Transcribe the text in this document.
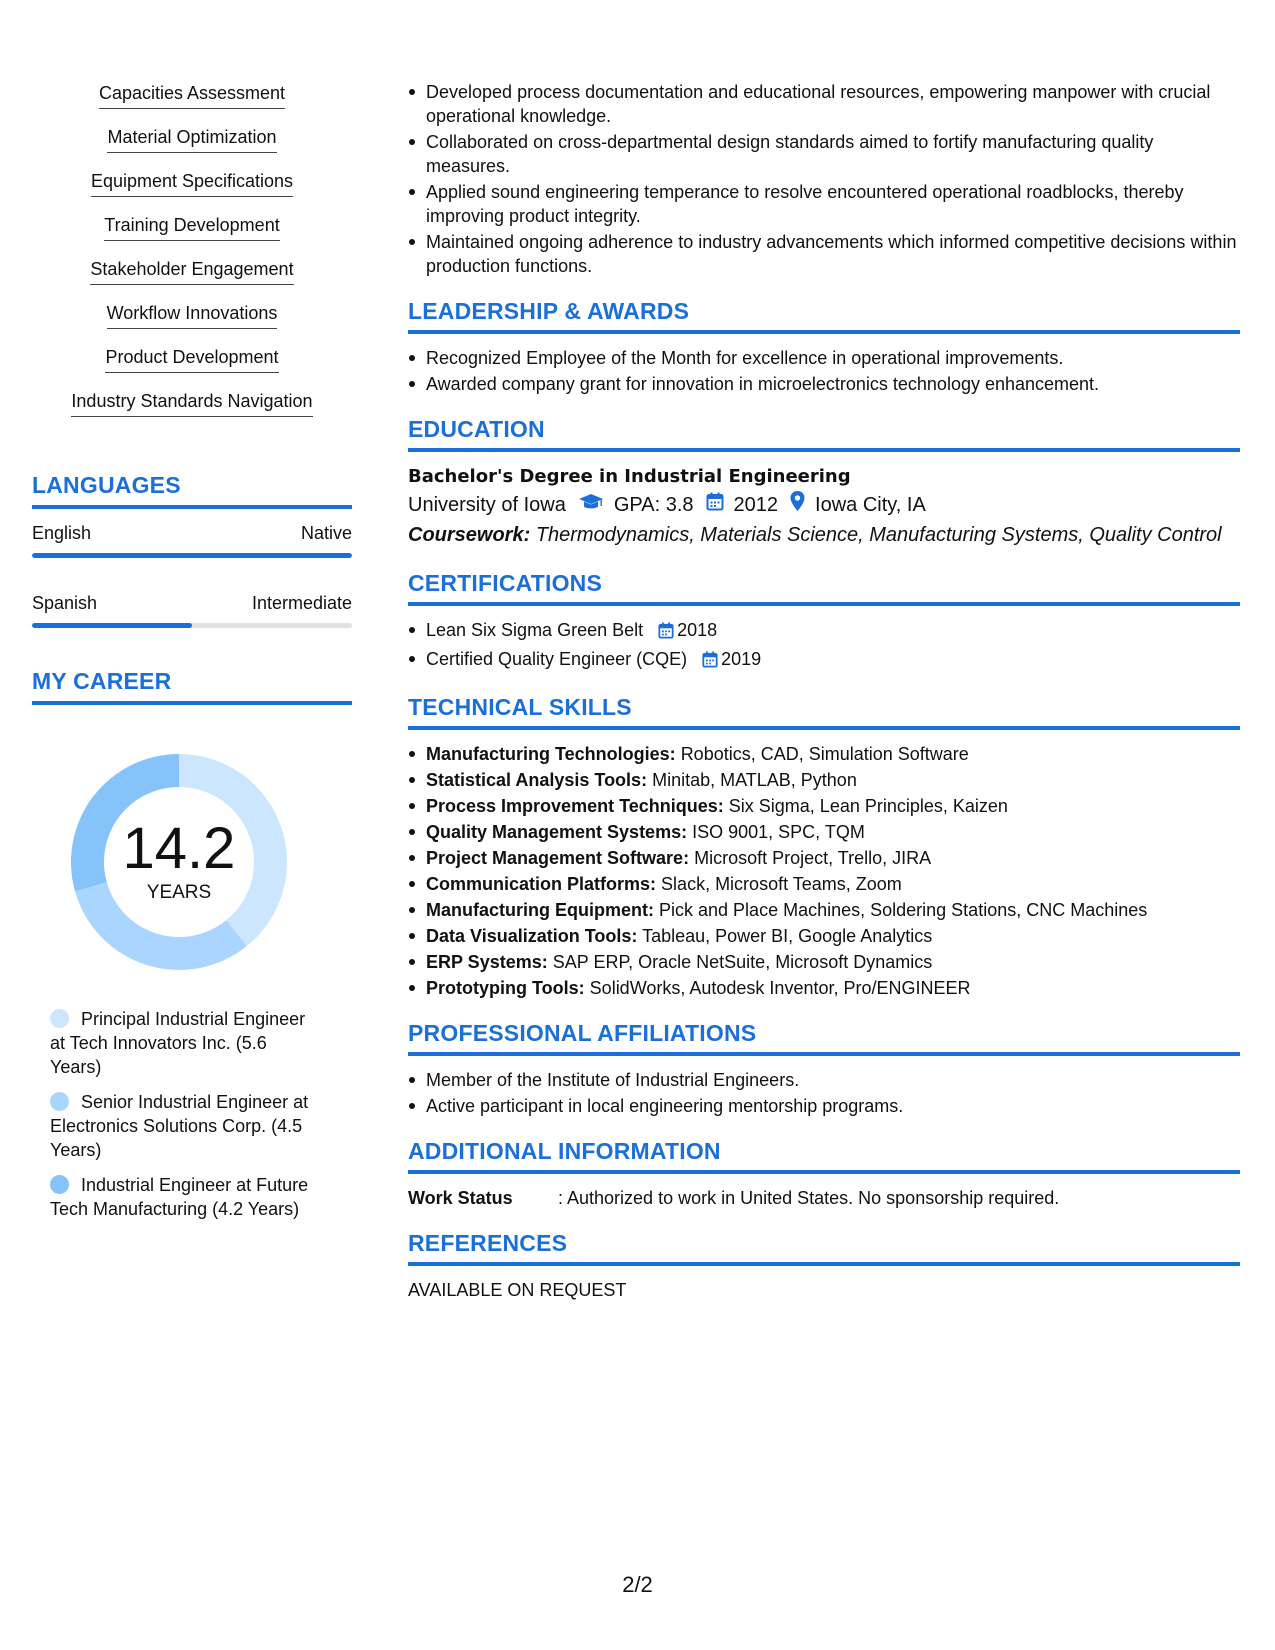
Capacities Assessment
Material Optimization
Equipment Specifications
Training Development
Stakeholder Engagement
Workflow Innovations
Product Development
Industry Standards Navigation
LANGUAGES
English	Native
Spanish	Intermediate
MY CAREER
14.2
YEARS
Principal Industrial Engineer at Tech Innovators Inc. (5.6 Years)
Senior Industrial Engineer at Electronics Solutions Corp. (4.5 Years)
Industrial Engineer at Future Tech Manufacturing (4.2 Years)
Developed process documentation and educational resources, empowering manpower with crucial operational knowledge.
Collaborated on cross-departmental design standards aimed to fortify manufacturing quality measures.
Applied sound engineering temperance to resolve encountered operational roadblocks, thereby improving product integrity.
Maintained ongoing adherence to industry advancements which informed competitive decisions within production functions.
LEADERSHIP & AWARDS
Recognized Employee of the Month for excellence in operational improvements.
Awarded company grant for innovation in microelectronics technology enhancement.
EDUCATION
Bachelor's Degree in Industrial Engineering
University of Iowa GPA: 3.8 2012 Iowa City, IA
Coursework: Thermodynamics, Materials Science, Manufacturing Systems, Quality Control
CERTIFICATIONS
Lean Six Sigma Green Belt 2018
Certified Quality Engineer (CQE) 2019
TECHNICAL SKILLS
Manufacturing Technologies: Robotics, CAD, Simulation Software
Statistical Analysis Tools: Minitab, MATLAB, Python
Process Improvement Techniques: Six Sigma, Lean Principles, Kaizen
Quality Management Systems: ISO 9001, SPC, TQM
Project Management Software: Microsoft Project, Trello, JIRA
Communication Platforms: Slack, Microsoft Teams, Zoom
Manufacturing Equipment: Pick and Place Machines, Soldering Stations, CNC Machines
Data Visualization Tools: Tableau, Power BI, Google Analytics
ERP Systems: SAP ERP, Oracle NetSuite, Microsoft Dynamics
Prototyping Tools: SolidWorks, Autodesk Inventor, Pro/ENGINEER
PROFESSIONAL AFFILIATIONS
Member of the Institute of Industrial Engineers.
Active participant in local engineering mentorship programs.
ADDITIONAL INFORMATION
Work Status	: Authorized to work in United States. No sponsorship required.
REFERENCES
AVAILABLE ON REQUEST
2/2
